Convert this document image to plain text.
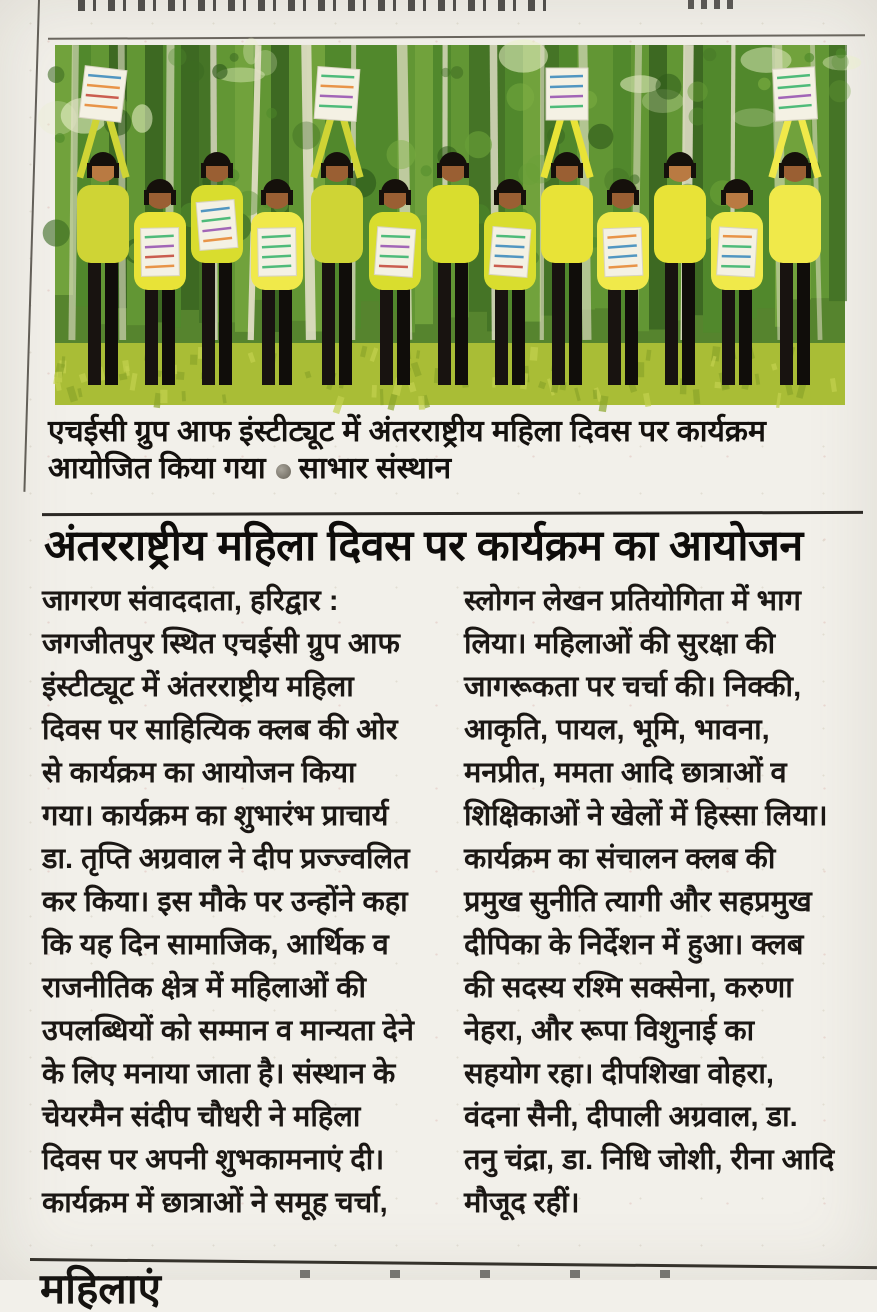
एचईसी ग्रुप आफ इंस्टीट्यूट में अंतरराष्ट्रीय महिला दिवस पर कार्यक्रम
आयोजित किया गया साभार संस्थान
अंतरराष्ट्रीय महिला दिवस पर कार्यक्रम का आयोजन

जागरण संवाददाता, हरिद्वार :

जगजीतपुर स्थित एचईसी ग्रुप आफ
इंस्टीट्यूट में अंतरराष्ट्रीय महिला
दिवस पर साहित्यिक क्लब की ओर
से कार्यक्रम का आयोजन किया
गया। कार्यक्रम का शुभारंभ प्राचार्य
डा. तृप्ति अग्रवाल ने दीप प्रज्ज्वलित
कर किया। इस मौके पर उन्होंने कहा
कि यह दिन सामाजिक, आर्थिक व
राजनीतिक क्षेत्र में महिलाओं की
उपलब्धियों को सम्मान व मान्यता देने
के लिए मनाया जाता है। संस्थान के
चेयरमैन संदीप चौधरी ने महिला
दिवस पर अपनी शुभकामनाएं दी।
कार्यक्रम में छात्राओं ने समूह चर्चा,
स्लोगन लेखन प्रतियोगिता में भाग
लिया। महिलाओं की सुरक्षा की
जागरूकता पर चर्चा की। निक्की,
आकृति, पायल, भूमि, भावना,
मनप्रीत, ममता आदि छात्राओं व
शिक्षिकाओं ने खेलों में हिस्सा लिया।
कार्यक्रम का संचालन क्लब की
प्रमुख सुनीति त्यागी और सहप्रमुख
दीपिका के निर्देशन में हुआ। क्लब
की सदस्य रश्मि सक्सेना, करुणा
नेहरा, और रूपा विशुनाई का
सहयोग रहा। दीपशिखा वोहरा,
वंदना सैनी, दीपाली अग्रवाल, डा.
तनु चंद्रा, डा. निधि जोशी, रीना आदि
मौजूद रहीं।
महिलाएं
